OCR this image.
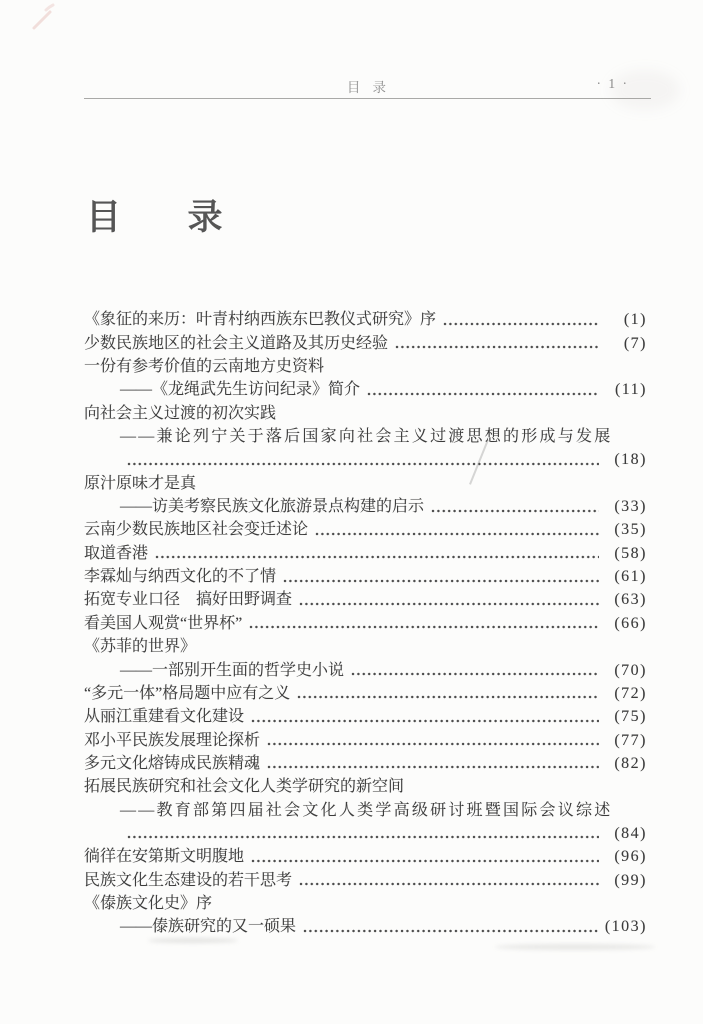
目录	· 1 ·
目　录
《象征的来历：叶青村纳西族东巴教仪式研究》序	(1)
少数民族地区的社会主义道路及其历史经验	(7)
一份有参考价值的云南地方史资料
——《龙绳武先生访问纪录》简介	(11)
向社会主义过渡的初次实践
——兼论列宁关于落后国家向社会主义过渡思想的形成与发展
(18)
原汁原味才是真
——访美考察民族文化旅游景点构建的启示	(33)
云南少数民族地区社会变迁述论	(35)
取道香港	(58)
李霖灿与纳西文化的不了情	(61)
拓宽专业口径　搞好田野调查	(63)
看美国人观赏“世界杯”	(66)
《苏菲的世界》
——一部别开生面的哲学史小说	(70)
“多元一体”格局题中应有之义	(72)
从丽江重建看文化建设	(75)
邓小平民族发展理论探析	(77)
多元文化熔铸成民族精魂	(82)
拓展民族研究和社会文化人类学研究的新空间
——教育部第四届社会文化人类学高级研讨班暨国际会议综述
(84)
徜徉在安第斯文明腹地	(96)
民族文化生态建设的若干思考	(99)
《傣族文化史》序
——傣族研究的又一硕果	(103)
